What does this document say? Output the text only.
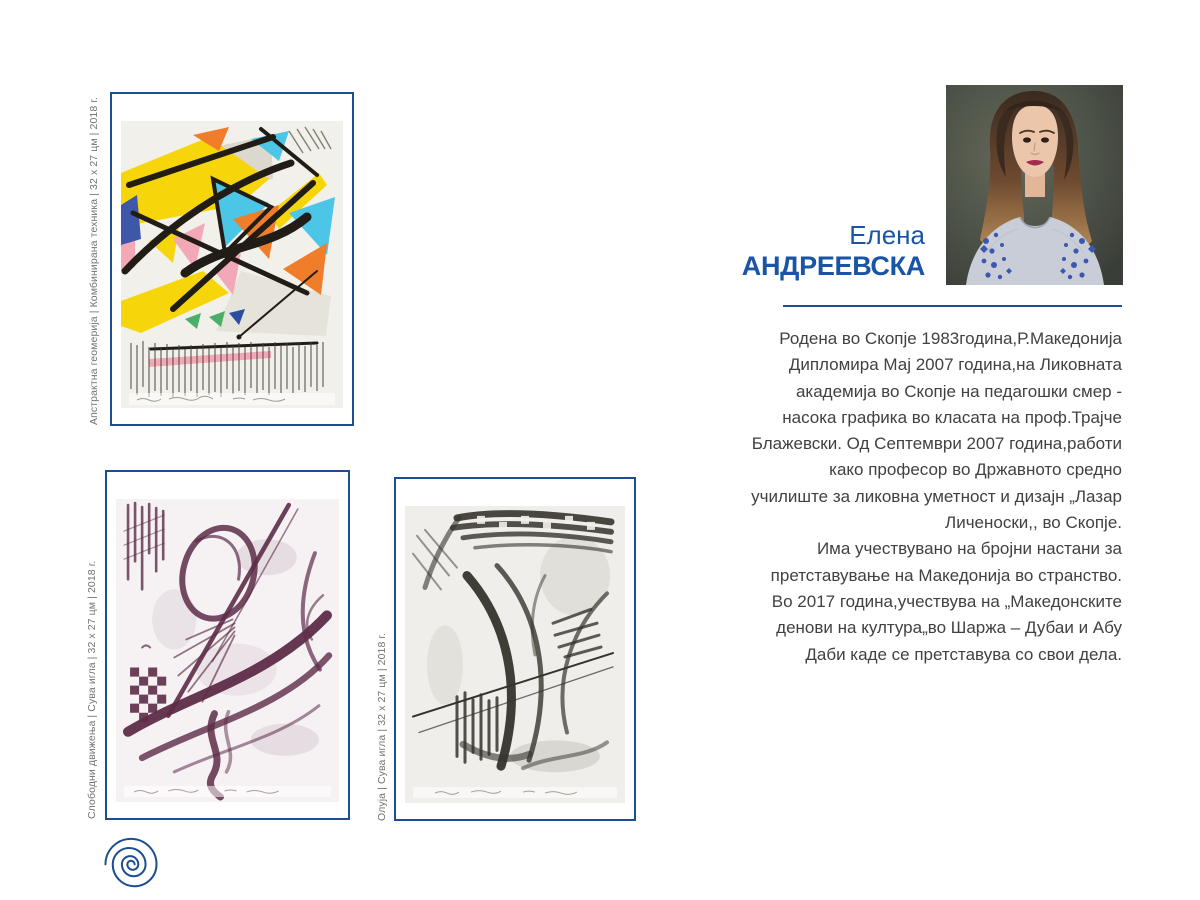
Апстрактна геомерија | Комбинирана техника | 32 x 27 цм | 2018 г.
Слободни движења | Сува игла | 32 x 27 цм | 2018 г.	Олуја | Сува игла | 32 x 27 цм | 2018 г.
Елена
АНДРЕЕВСКА
Родена во Скопје 1983година,Р.Македонија
Дипломира Мај 2007 година,на Ликовната
академија во Скопје на педагошки смер -
насока графика во класата на проф.Трајче
Блажевски. Од Септември 2007 година,работи
како професор во Државното средно
училиште за ликовна уметност и дизајн „Лазар
Личеноски,, во Скопје.
Има учествувано на бројни настани за
претставување на Македонија во странство.
Во 2017 година,учествува на „Македонските
денови на култура„во Шаржа – Дубаи и Абу
Даби каде се претставува со свои дела.
